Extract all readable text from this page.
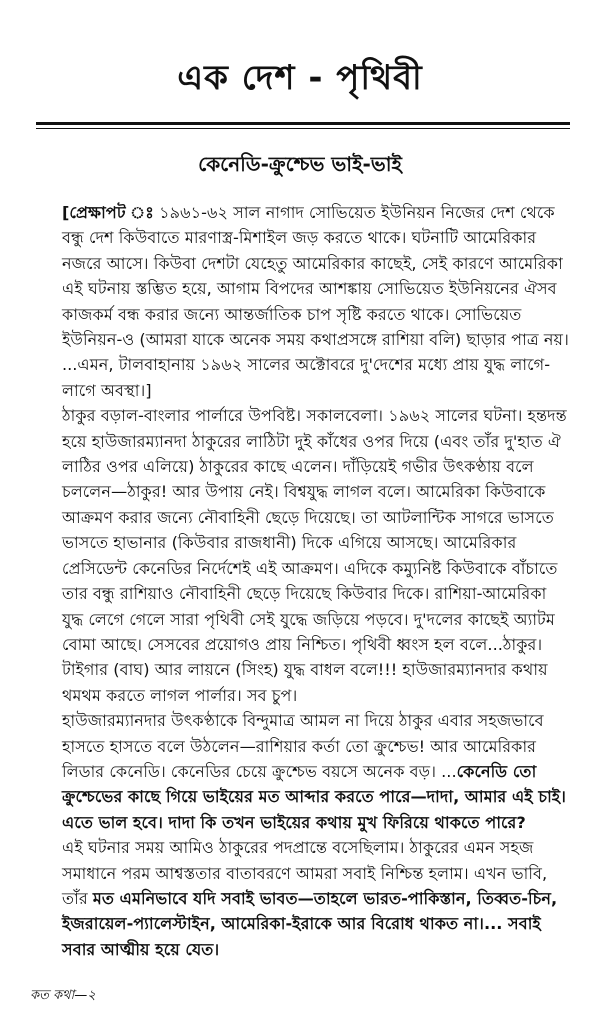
এক দেশ - পৃথিবী
কেনেডি-ক্রুশ্চেভ ভাই-ভাই

[প্রেক্ষাপট ঃ ১৯৬১-৬২ সাল নাগাদ সোভিয়েত ইউনিয়ন নিজের দেশ থেকে বন্ধু দেশ কিউবাতে মারণাস্ত্র-মিশাইল জড় করতে থাকে। ঘটনাটি আমেরিকার নজরে আসে। কিউবা দেশটা যেহেতু আমেরিকার কাছেই, সেই কারণে আমেরিকা এই ঘটনায় স্তম্ভিত হয়ে, আগাম বিপদের আশঙ্কায় সোভিয়েত ইউনিয়নের ঐসব কাজকর্ম বন্ধ করার জন্যে আন্তর্জাতিক চাপ সৃষ্টি করতে থাকে। সোভিয়েত ইউনিয়ন-ও (আমরা যাকে অনেক সময় কথাপ্রসঙ্গে রাশিয়া বলি) ছাড়ার পাত্র নয়। ...এমন, টালবাহানায় ১৯৬২ সালের অক্টোবরে দু'দেশের মধ্যে প্রায় যুদ্ধ লাগে-লাগে অবস্থা।]

ঠাকুর বড়াল-বাংলার পার্লারে উপবিষ্ট। সকালবেলা। ১৯৬২ সালের ঘটনা। হন্তদন্ত হয়ে হাউজারম্যানদা ঠাকুরের লাঠিটা দুই কাঁধের ওপর দিয়ে (এবং তাঁর দু'হাত ঐ লাঠির ওপর এলিয়ে) ঠাকুরের কাছে এলেন। দাঁড়িয়েই গভীর উৎকণ্ঠায় বলে চললেন—ঠাকুর! আর উপায় নেই। বিশ্বযুদ্ধ লাগল বলে। আমেরিকা কিউবাকে আক্রমণ করার জন্যে নৌবাহিনী ছেড়ে দিয়েছে। তা আটলান্টিক সাগরে ভাসতে ভাসতে হাভানার (কিউবার রাজধানী) দিকে এগিয়ে আসছে। আমেরিকার প্রেসিডেন্ট কেনেডির নির্দেশেই এই আক্রমণ। এদিকে কম্যুনিষ্ট কিউবাকে বাঁচাতে তার বন্ধু রাশিয়াও নৌবাহিনী ছেড়ে দিয়েছে কিউবার দিকে। রাশিয়া-আমেরিকা যুদ্ধ লেগে গেলে সারা পৃথিবী সেই যুদ্ধে জড়িয়ে পড়বে। দু'দলের কাছেই অ্যাটম বোমা আছে। সেসবের প্রয়োগও প্রায় নিশ্চিত। পৃথিবী ধ্বংস হল বলে...ঠাকুর। টাইগার (বাঘ) আর লায়নে (সিংহ) যুদ্ধ বাধল বলে!!! হাউজারম্যানদার কথায় থমথম করতে লাগল পার্লার। সব চুপ।

হাউজারম্যানদার উৎকণ্ঠাকে বিন্দুমাত্র আমল না দিয়ে ঠাকুর এবার সহজভাবে হাসতে হাসতে বলে উঠলেন—রাশিয়ার কর্তা তো ক্রুশ্চেভ! আর আমেরিকার লিডার কেনেডি। কেনেডির চেয়ে ক্রুশ্চেভ বয়সে অনেক বড়। ...কেনেডি তো ক্রুশ্চেভের কাছে গিয়ে ভাইয়ের মত আব্দার করতে পারে—দাদা, আমার এই চাই। এতে ভাল হবে। দাদা কি তখন ভাইয়ের কথায় মুখ ফিরিয়ে থাকতে পারে?

এই ঘটনার সময় আমিও ঠাকুরের পদপ্রান্তে বসেছিলাম। ঠাকুরের এমন সহজ সমাধানে পরম আশ্বস্ততার বাতাবরণে আমরা সবাই নিশ্চিন্ত হলাম। এখন ভাবি, তাঁর মত এমনিভাবে যদি সবাই ভাবত—তাহলে ভারত-পাকিস্তান, তিব্বত-চিন, ইজরায়েল-প্যালেস্টাইন, আমেরিকা-ইরাকে আর বিরোধ থাকত না।... সবাই সবার আত্মীয় হয়ে যেত।

কত কথা—২
